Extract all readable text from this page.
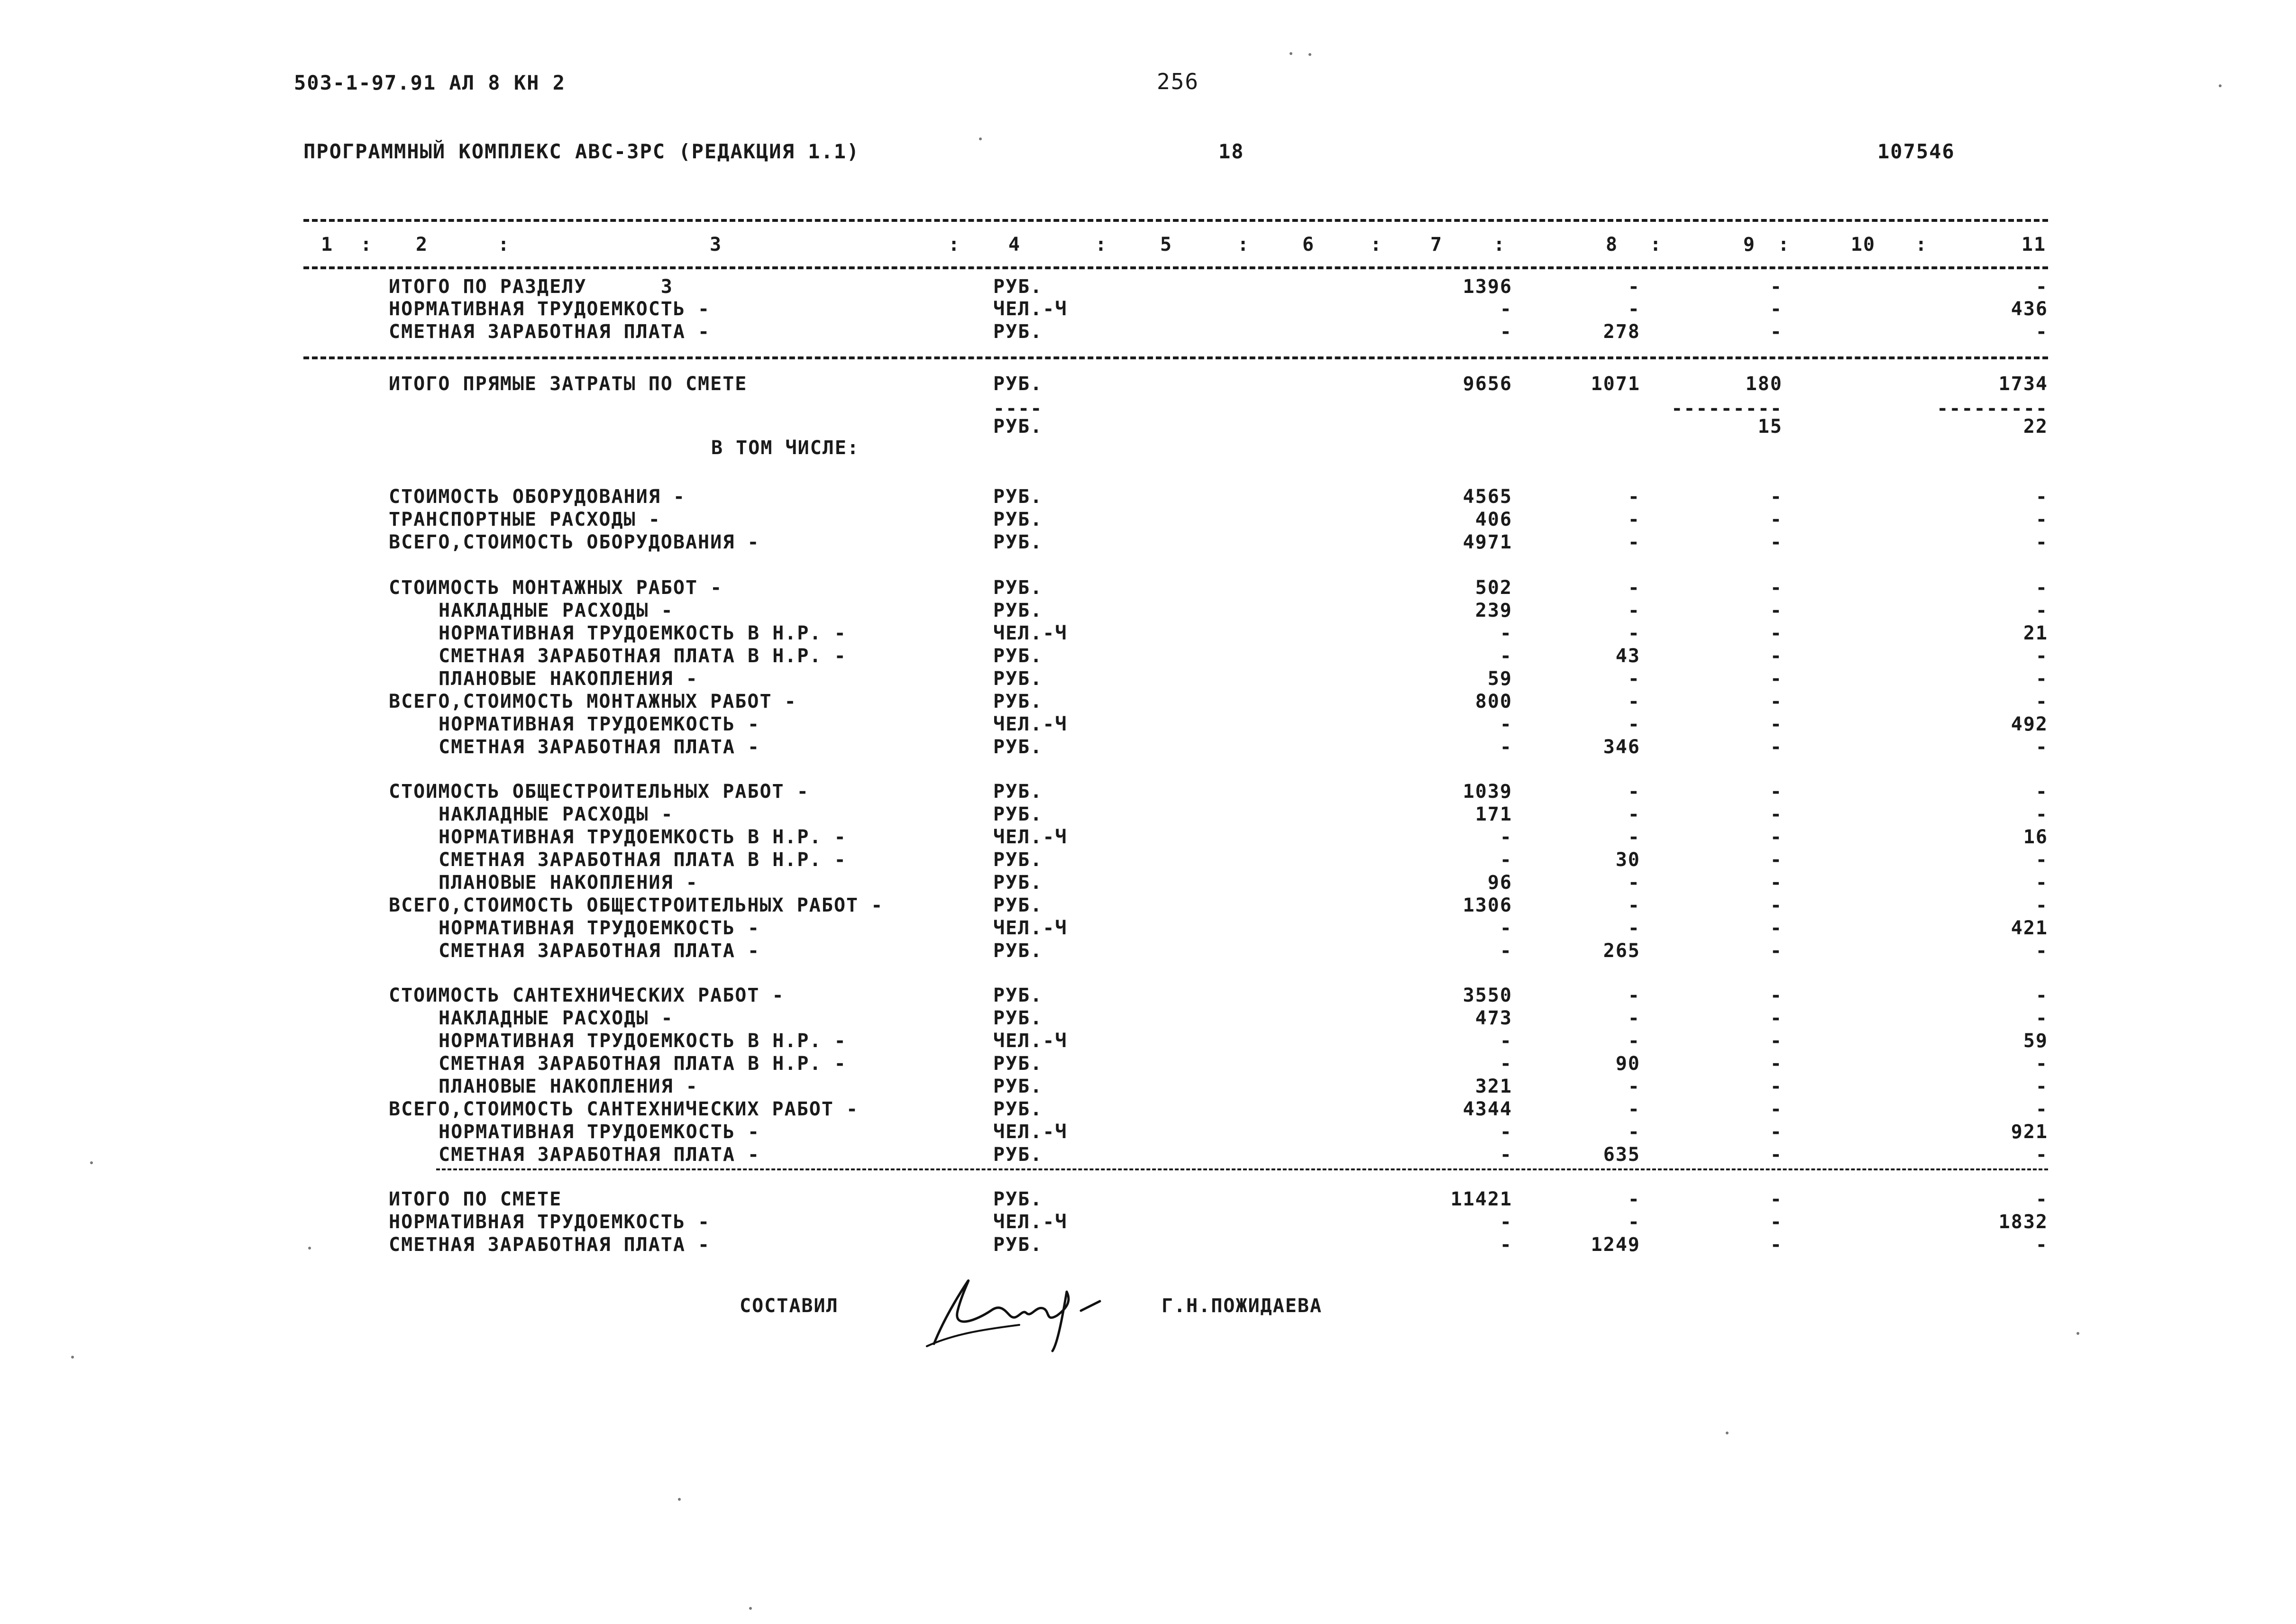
503-1-97.91 АЛ 8 КН 2	256
ПРОГРАММНЫЙ КОМПЛЕКС АВС-3РС (РЕДАКЦИЯ 1.1)	18	107546
1	2	3	4	5	6	7	8	9	10	11
:	:	:	:	:	:	:	:	:	:
ИТОГО ПО РАЗДЕЛУ      3	РУБ.	1396	-	-	-
НОРМАТИВНАЯ ТРУДОЕМКОСТЬ -	ЧЕЛ.-Ч	-	-	-	436
СМЕТНАЯ ЗАРАБОТНАЯ ПЛАТА -	РУБ.	-	278	-	-
ИТОГО ПРЯМЫЕ ЗАТРАТЫ ПО СМЕТЕ	РУБ.	9656	1071	180	1734
----	---------	---------
РУБ.	15	22
В ТОМ ЧИСЛЕ:
СТОИМОСТЬ ОБОРУДОВАНИЯ -	РУБ.	4565	-	-	-
ТРАНСПОРТНЫЕ РАСХОДЫ -	РУБ.	406	-	-	-
ВСЕГО,СТОИМОСТЬ ОБОРУДОВАНИЯ -	РУБ.	4971	-	-	-
СТОИМОСТЬ МОНТАЖНЫХ РАБОТ -	РУБ.	502	-	-	-
НАКЛАДНЫЕ РАСХОДЫ -	РУБ.	239	-	-	-
НОРМАТИВНАЯ ТРУДОЕМКОСТЬ В Н.Р. -	ЧЕЛ.-Ч	-	-	-	21
СМЕТНАЯ ЗАРАБОТНАЯ ПЛАТА В Н.Р. -	РУБ.	-	43	-	-
ПЛАНОВЫЕ НАКОПЛЕНИЯ -	РУБ.	59	-	-	-
ВСЕГО,СТОИМОСТЬ МОНТАЖНЫХ РАБОТ -	РУБ.	800	-	-	-
НОРМАТИВНАЯ ТРУДОЕМКОСТЬ -	ЧЕЛ.-Ч	-	-	-	492
СМЕТНАЯ ЗАРАБОТНАЯ ПЛАТА -	РУБ.	-	346	-	-
СТОИМОСТЬ ОБЩЕСТРОИТЕЛЬНЫХ РАБОТ -	РУБ.	1039	-	-	-
НАКЛАДНЫЕ РАСХОДЫ -	РУБ.	171	-	-	-
НОРМАТИВНАЯ ТРУДОЕМКОСТЬ В Н.Р. -	ЧЕЛ.-Ч	-	-	-	16
СМЕТНАЯ ЗАРАБОТНАЯ ПЛАТА В Н.Р. -	РУБ.	-	30	-	-
ПЛАНОВЫЕ НАКОПЛЕНИЯ -	РУБ.	96	-	-	-
ВСЕГО,СТОИМОСТЬ ОБЩЕСТРОИТЕЛЬНЫХ РАБОТ -	РУБ.	1306	-	-	-
НОРМАТИВНАЯ ТРУДОЕМКОСТЬ -	ЧЕЛ.-Ч	-	-	-	421
СМЕТНАЯ ЗАРАБОТНАЯ ПЛАТА -	РУБ.	-	265	-	-
СТОИМОСТЬ САНТЕХНИЧЕСКИХ РАБОТ -	РУБ.	3550	-	-	-
НАКЛАДНЫЕ РАСХОДЫ -	РУБ.	473	-	-	-
НОРМАТИВНАЯ ТРУДОЕМКОСТЬ В Н.Р. -	ЧЕЛ.-Ч	-	-	-	59
СМЕТНАЯ ЗАРАБОТНАЯ ПЛАТА В Н.Р. -	РУБ.	-	90	-	-
ПЛАНОВЫЕ НАКОПЛЕНИЯ -	РУБ.	321	-	-	-
ВСЕГО,СТОИМОСТЬ САНТЕХНИЧЕСКИХ РАБОТ -	РУБ.	4344	-	-	-
НОРМАТИВНАЯ ТРУДОЕМКОСТЬ -	ЧЕЛ.-Ч	-	-	-	921
СМЕТНАЯ ЗАРАБОТНАЯ ПЛАТА -	РУБ.	-	635	-	-
ИТОГО ПО СМЕТЕ	РУБ.	11421	-	-	-
НОРМАТИВНАЯ ТРУДОЕМКОСТЬ -	ЧЕЛ.-Ч	-	-	-	1832
СМЕТНАЯ ЗАРАБОТНАЯ ПЛАТА -	РУБ.	-	1249	-	-
СОСТАВИЛ	Г.Н.ПОЖИДАЕВА
